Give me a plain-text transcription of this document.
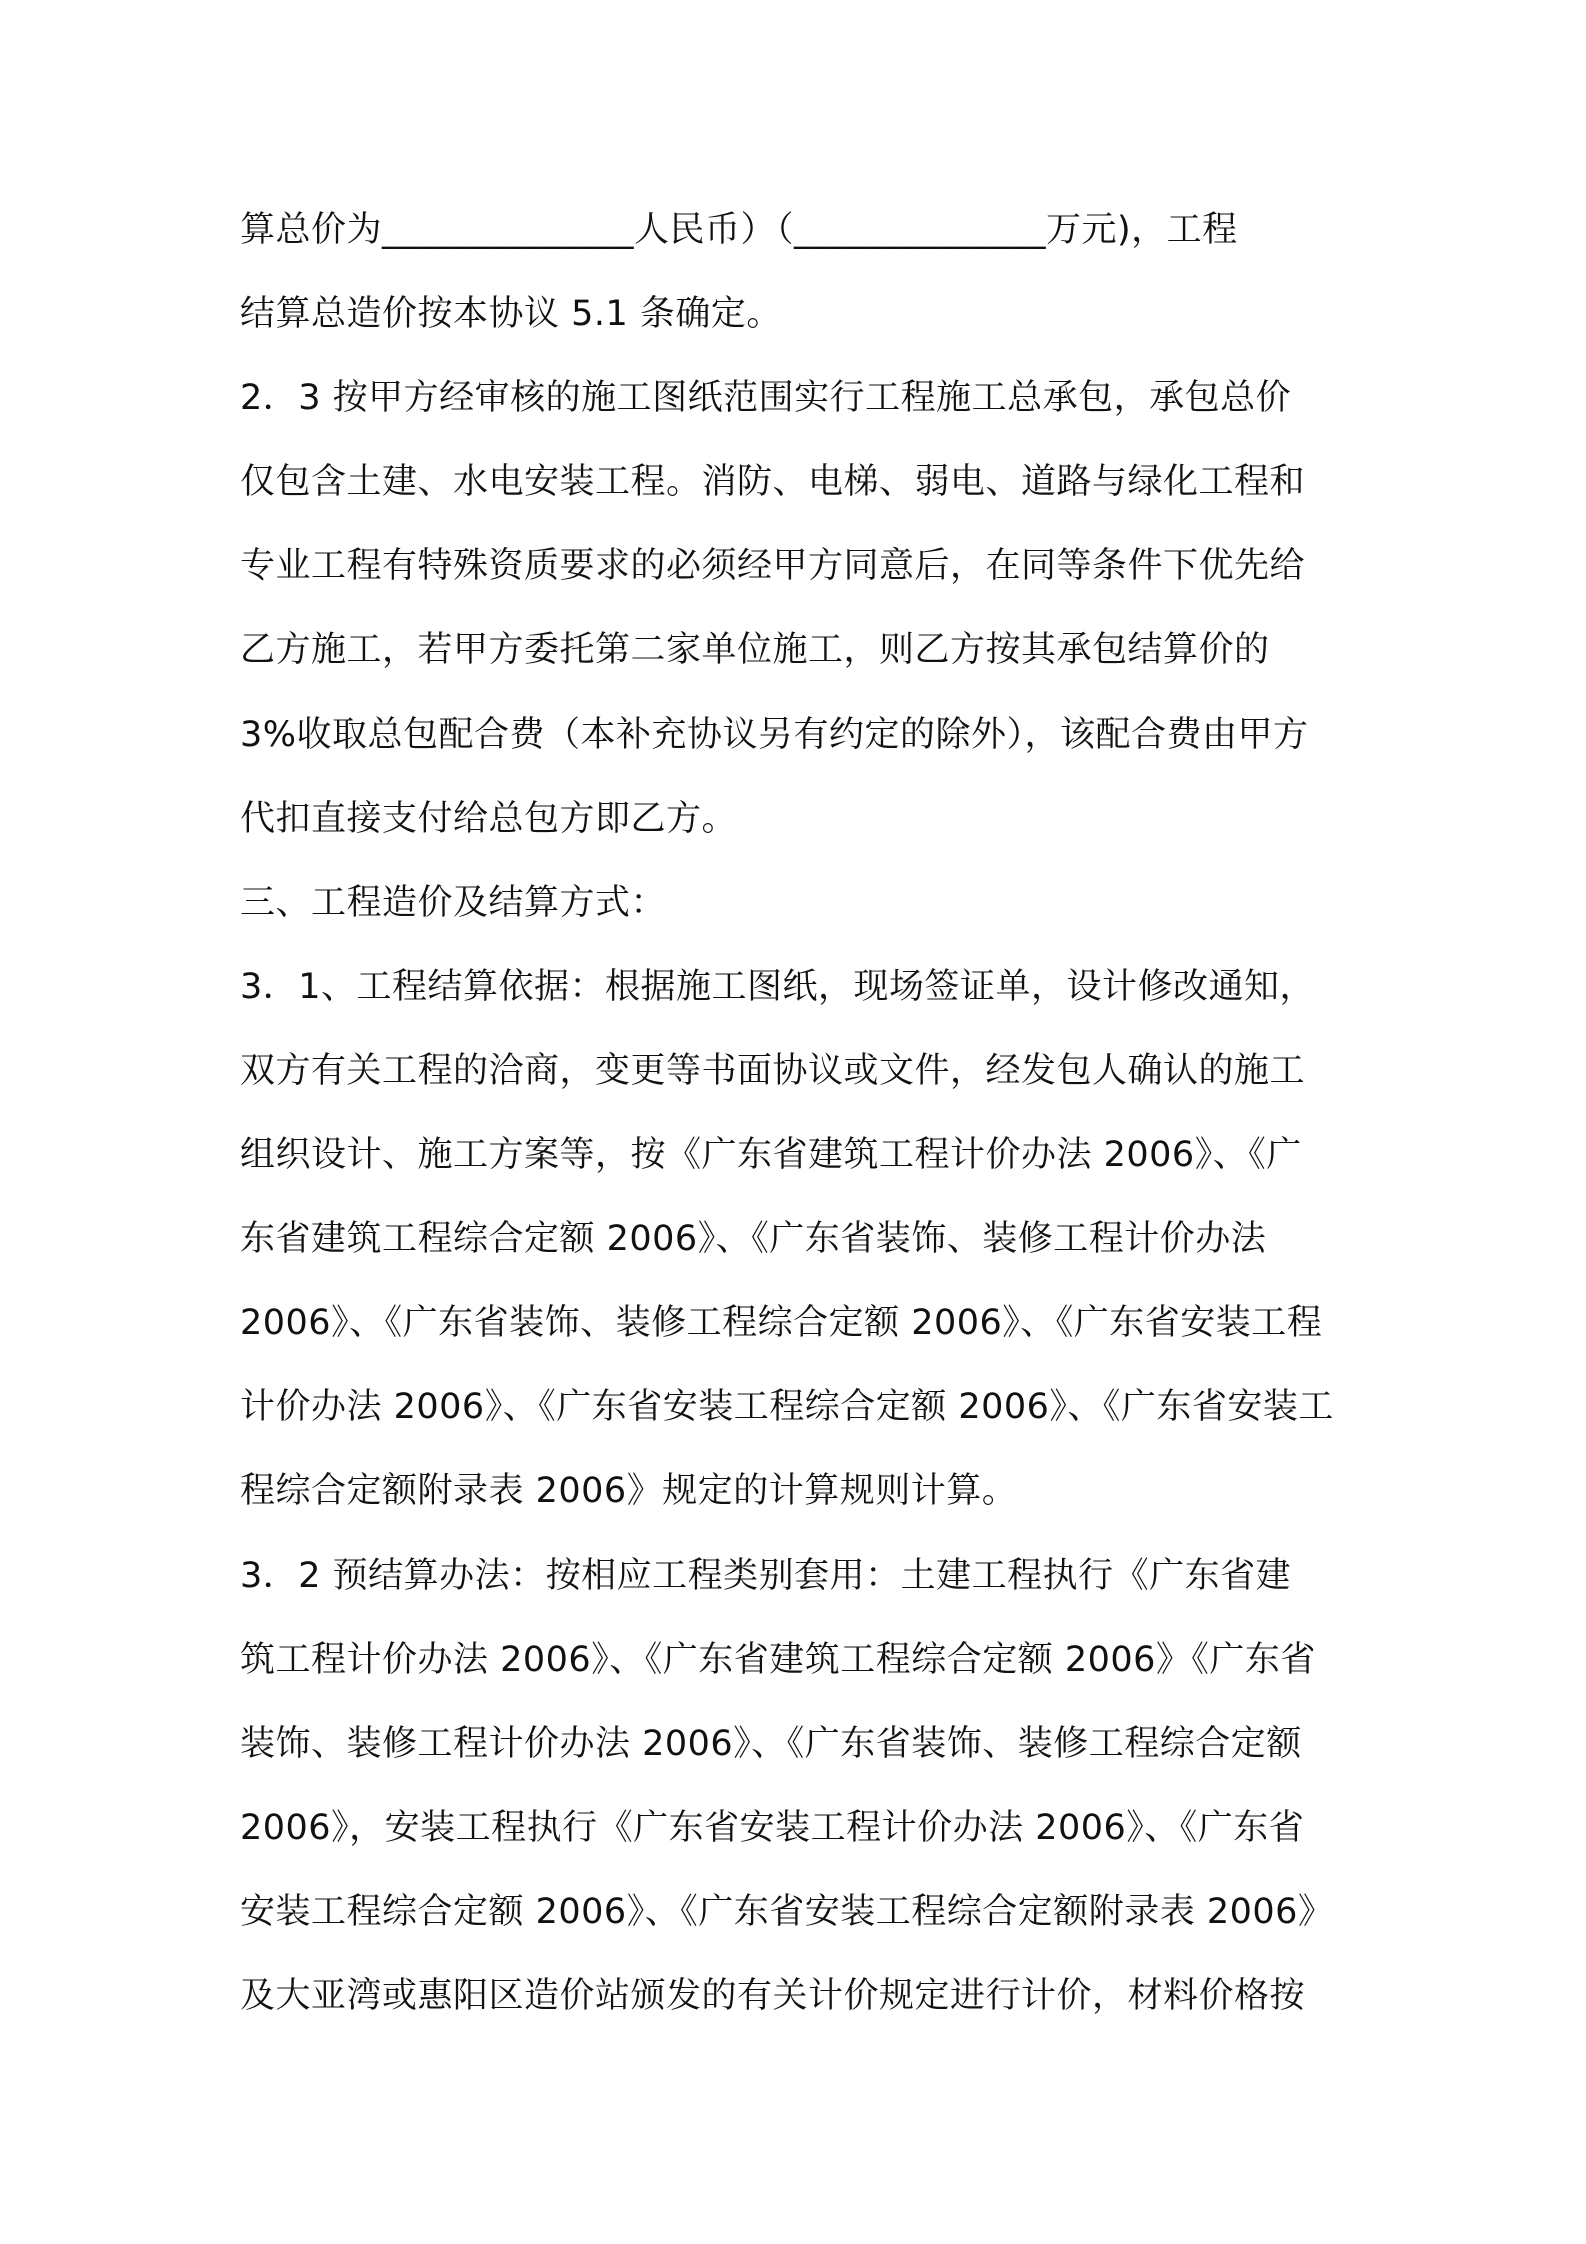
算总价为______________人民币）（______________万元)，工程
结算总造价按本协议 5.1 条确定。
2．3 按甲方经审核的施工图纸范围实行工程施工总承包，承包总价
仅包含土建、水电安装工程。消防、电梯、弱电、道路与绿化工程和
专业工程有特殊资质要求的必须经甲方同意后，在同等条件下优先给
乙方施工，若甲方委托第二家单位施工，则乙方按其承包结算价的
3%收取总包配合费（本补充协议另有约定的除外），该配合费由甲方
代扣直接支付给总包方即乙方。
三、工程造价及结算方式：
3．1、工程结算依据：根据施工图纸，现场签证单，设计修改通知，
双方有关工程的洽商，变更等书面协议或文件，经发包人确认的施工
组织设计、施工方案等，按《广东省建筑工程计价办法 2006》、《广
东省建筑工程综合定额 2006》、《广东省装饰、装修工程计价办法
2006》、《广东省装饰、装修工程综合定额 2006》、《广东省安装工程
计价办法 2006》、《广东省安装工程综合定额 2006》、《广东省安装工
程综合定额附录表 2006》规定的计算规则计算。
3．2 预结算办法：按相应工程类别套用：土建工程执行《广东省建
筑工程计价办法 2006》、《广东省建筑工程综合定额 2006》《广东省
装饰、装修工程计价办法 2006》、《广东省装饰、装修工程综合定额
2006》，安装工程执行《广东省安装工程计价办法 2006》、《广东省
安装工程综合定额 2006》、《广东省安装工程综合定额附录表 2006》
及大亚湾或惠阳区造价站颁发的有关计价规定进行计价，材料价格按
